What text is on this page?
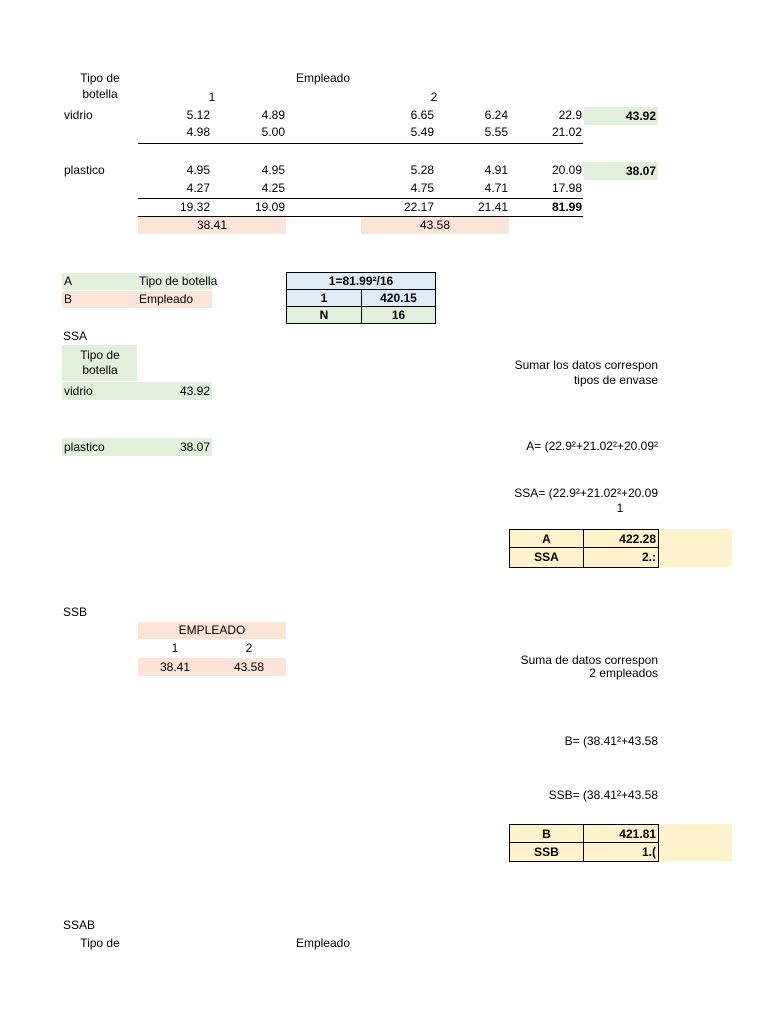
Tipo de
botella
Empleado
1	2
vidrio	5.12	4.89	6.65	6.24	22.9	43.92
4.98	5.00	5.49	5.55	21.02
plastico	4.95	4.95	5.28	4.91	20.09	38.07
4.27	4.25	4.75	4.71	17.98
19.32	19.09	22.17	21.41	81.99
38.41	43.58
A	Tipo de botella
B	Empleado
1=81.99²/16	
1	420.15
N	16
SSA
Tipo de
botella
vidrio	43.92
plastico	38.07
Sumar los datos correspon
tipos de envase
A= (22.9²+21.02²+20.09²
SSA= (22.9²+21.02²+20.09
1
A	422.28
SSA	2.:
SSB
EMPLEADO
1	2
38.41	43.58	Suma de datos correspon
2 empleados
B= (38.41²+43.58
SSB= (38.41²+43.58
B	421.81
SSB	1.(
SSAB
Tipo de	Empleado
